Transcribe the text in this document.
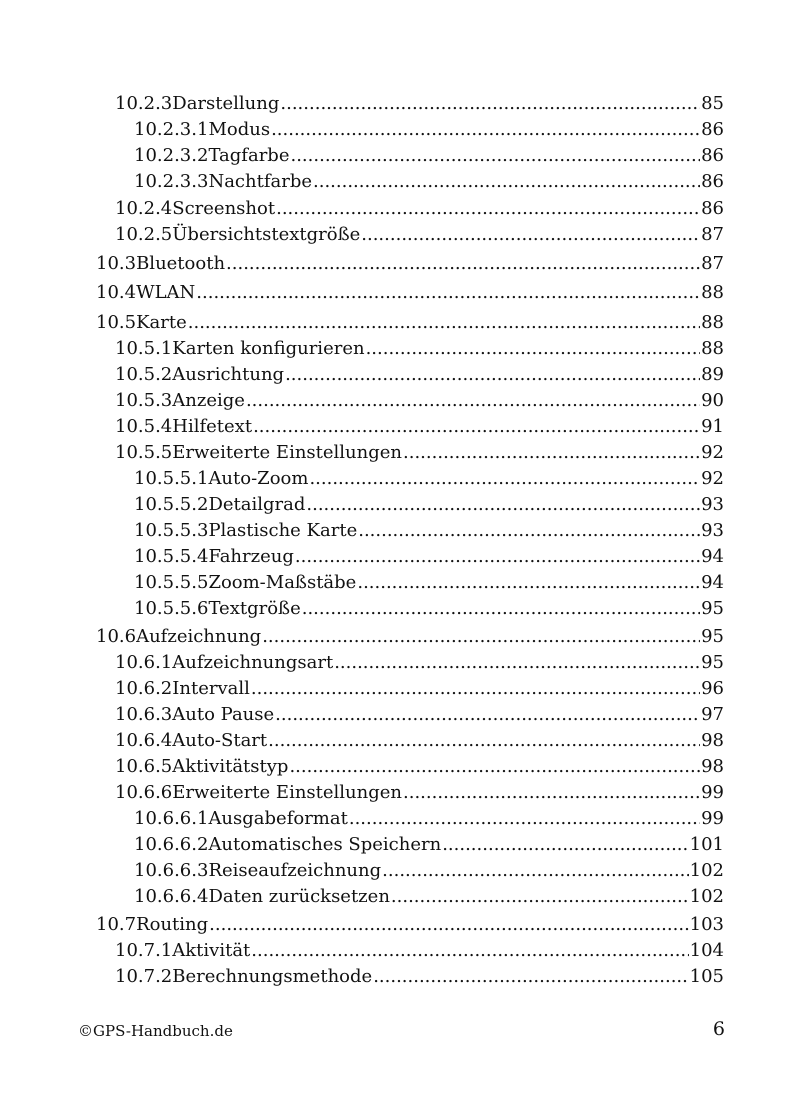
10.2.3 Darstellung .....	85
10.2.3.1 Modus .....	86
10.2.3.2 Tagfarbe .....	86
10.2.3.3 Nachtfarbe .....	86
10.2.4 Screenshot .....	86
10.2.5 Übersichtstextgröße .....	87
10.3 Bluetooth .....	87
10.4 WLAN .....	88
10.5 Karte .....	88
10.5.1 Karten konfigurieren .....	88
10.5.2 Ausrichtung .....	89
10.5.3 Anzeige .....	90
10.5.4 Hilfetext .....	91
10.5.5 Erweiterte Einstellungen .....	92
10.5.5.1 Auto-Zoom .....	92
10.5.5.2 Detailgrad .....	93
10.5.5.3 Plastische Karte .....	93
10.5.5.4 Fahrzeug .....	94
10.5.5.5 Zoom-Maßstäbe .....	94
10.5.5.6 Textgröße .....	95
10.6 Aufzeichnung .....	95
10.6.1 Aufzeichnungsart .....	95
10.6.2 Intervall .....	96
10.6.3 Auto Pause .....	97
10.6.4 Auto-Start .....	98
10.6.5 Aktivitätstyp .....	98
10.6.6 Erweiterte Einstellungen .....	99
10.6.6.1 Ausgabeformat .....	99
10.6.6.2 Automatisches Speichern .....	101
10.6.6.3 Reiseaufzeichnung .....	102
10.6.6.4 Daten zurücksetzen .....	102
10.7 Routing .....	103
10.7.1 Aktivität .....	104
10.7.2 Berechnungsmethode .....	105
©GPS-Handbuch.de	6
